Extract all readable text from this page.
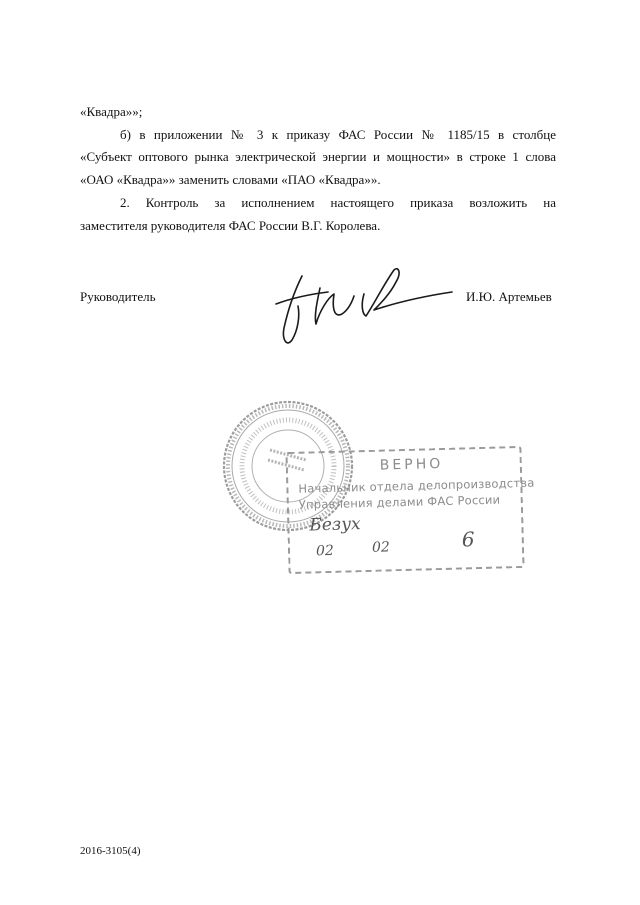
«Квадра»»;
б) в приложении № 3 к приказу ФАС России № 1185/15 в столбце
«Субъект оптового рынка электрической энергии и мощности» в строке 1 слова
«ОАО «Квадра»» заменить словами «ПАО «Квадра»».
2. Контроль за исполнением настоящего приказа возложить на
заместителя руководителя ФАС России В.Г. Королева.
Руководитель	И.Ю. Артемьев
ВЕРНО
Начальник отдела делопроизводства
Управления делами ФАС России
Безух
02	02	6
2016-3105(4)
